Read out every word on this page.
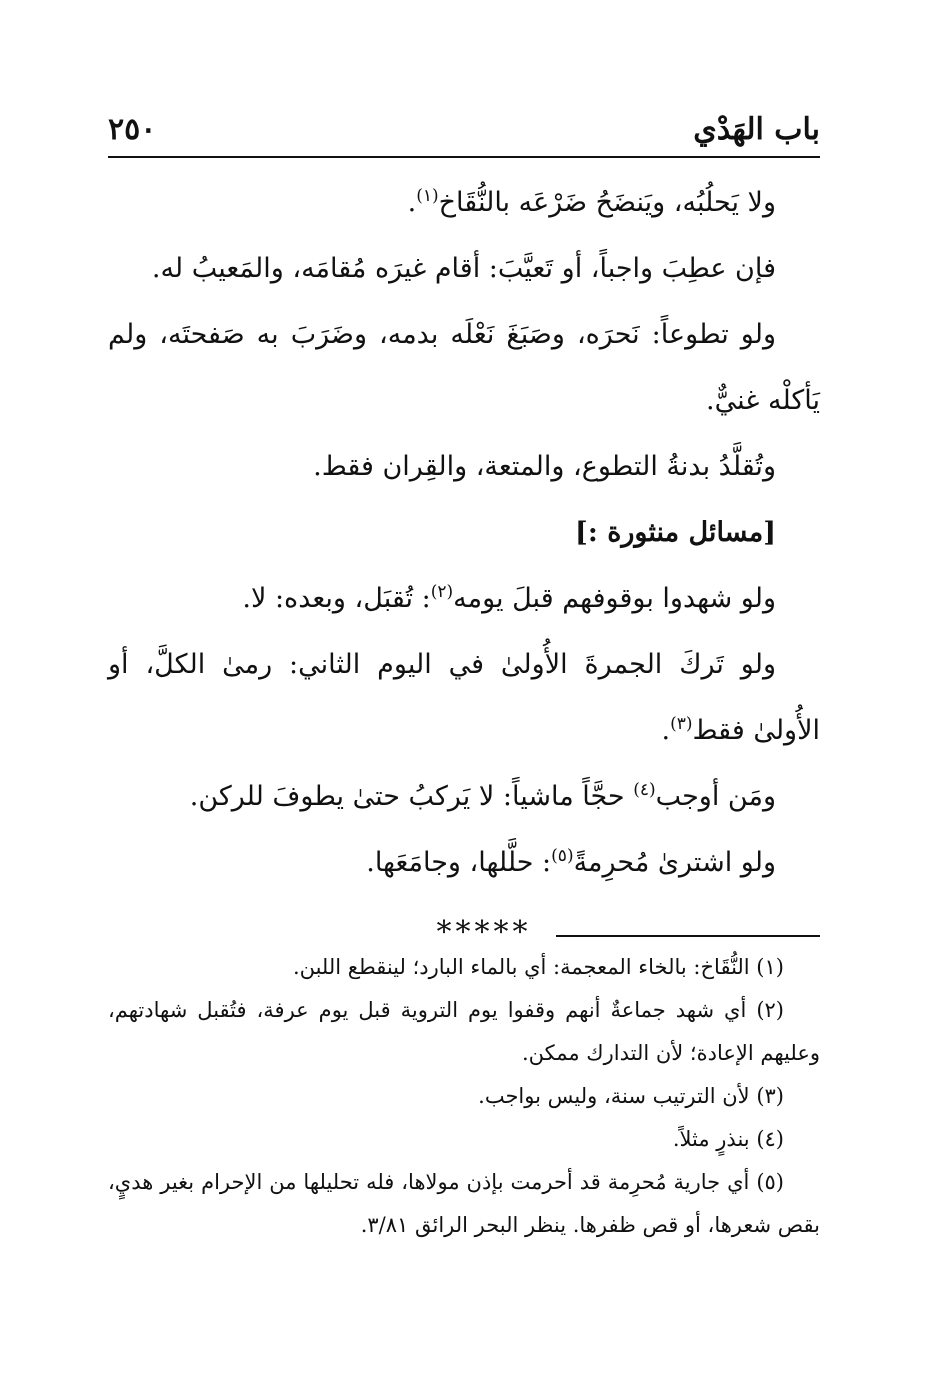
باب الهَدْي
٢٥٠

ولا يَحلُبُه، ويَنضَحُ ضَرْعَه بالنُّقَاخ$^{(١)}$.

فإن عطِبَ واجباً، أو تَعيَّبَ: أقام غيرَه مُقامَه، والمَعيبُ له.

ولو تطوعاً: نَحرَه، وصَبَغَ نَعْلَه بدمه، وضَرَبَ به صَفحتَه، ولم يَأكلْه غنيٌّ.

وتُقلَّدُ بدنةُ التطوع، والمتعة، والقِران فقط.

[مسائل منثورة :]

ولو شهدوا بوقوفهم قبلَ يومه$^{(٢)}$: تُقبَل، وبعده: لا.

ولو تَركَ الجمرةَ الأُولىٰ في اليوم الثاني: رمىٰ الكلَّ، أو الأُولىٰ فقط$^{(٣)}$.

ومَن أوجب$^{(٤)}$ حجَّاً ماشياً: لا يَركبُ حتىٰ يطوفَ للركن.

ولو اشترىٰ مُحرِمةً$^{(٥)}$: حلَّلها، وجامَعَها.

*****

(١) النُّقَاخ: بالخاء المعجمة: أي بالماء البارد؛ لينقطع اللبن.

(٢) أي شهد جماعةٌ أنهم وقفوا يوم التروية قبل يوم عرفة، فتُقبل شهادتهم، وعليهم الإعادة؛ لأن التدارك ممكن.

(٣) لأن الترتيب سنة، وليس بواجب.

(٤) بنذرٍ مثلاً.

(٥) أي جارية مُحرِمة قد أحرمت بإذن مولاها، فله تحليلها من الإحرام بغير هديٍ، بقص شعرها، أو قص ظفرها. ينظر البحر الرائق ٣/٨١.
